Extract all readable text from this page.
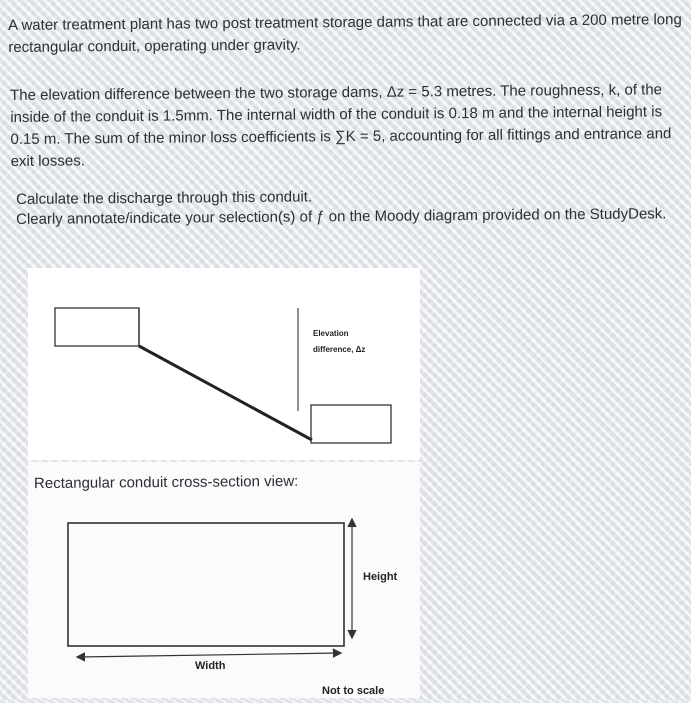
A water treatment plant has two post treatment storage dams that are connected via a 200 metre long rectangular conduit, operating under gravity.

The elevation difference between the two storage dams, Δz = 5.3 metres. The roughness, k, of the inside of the conduit is 1.5mm. The internal width of the conduit is 0.18 m and the internal height is 0.15 m. The sum of the minor loss coefficients is ∑K = 5, accounting for all fittings and entrance and exit losses.

Calculate the discharge through this conduit.

Clearly annotate/indicate your selection(s) of ƒ on the Moody diagram provided on the StudyDesk.

Elevation
difference, Δz
Rectangular conduit cross-section view:
Height
Width
Not to scale
